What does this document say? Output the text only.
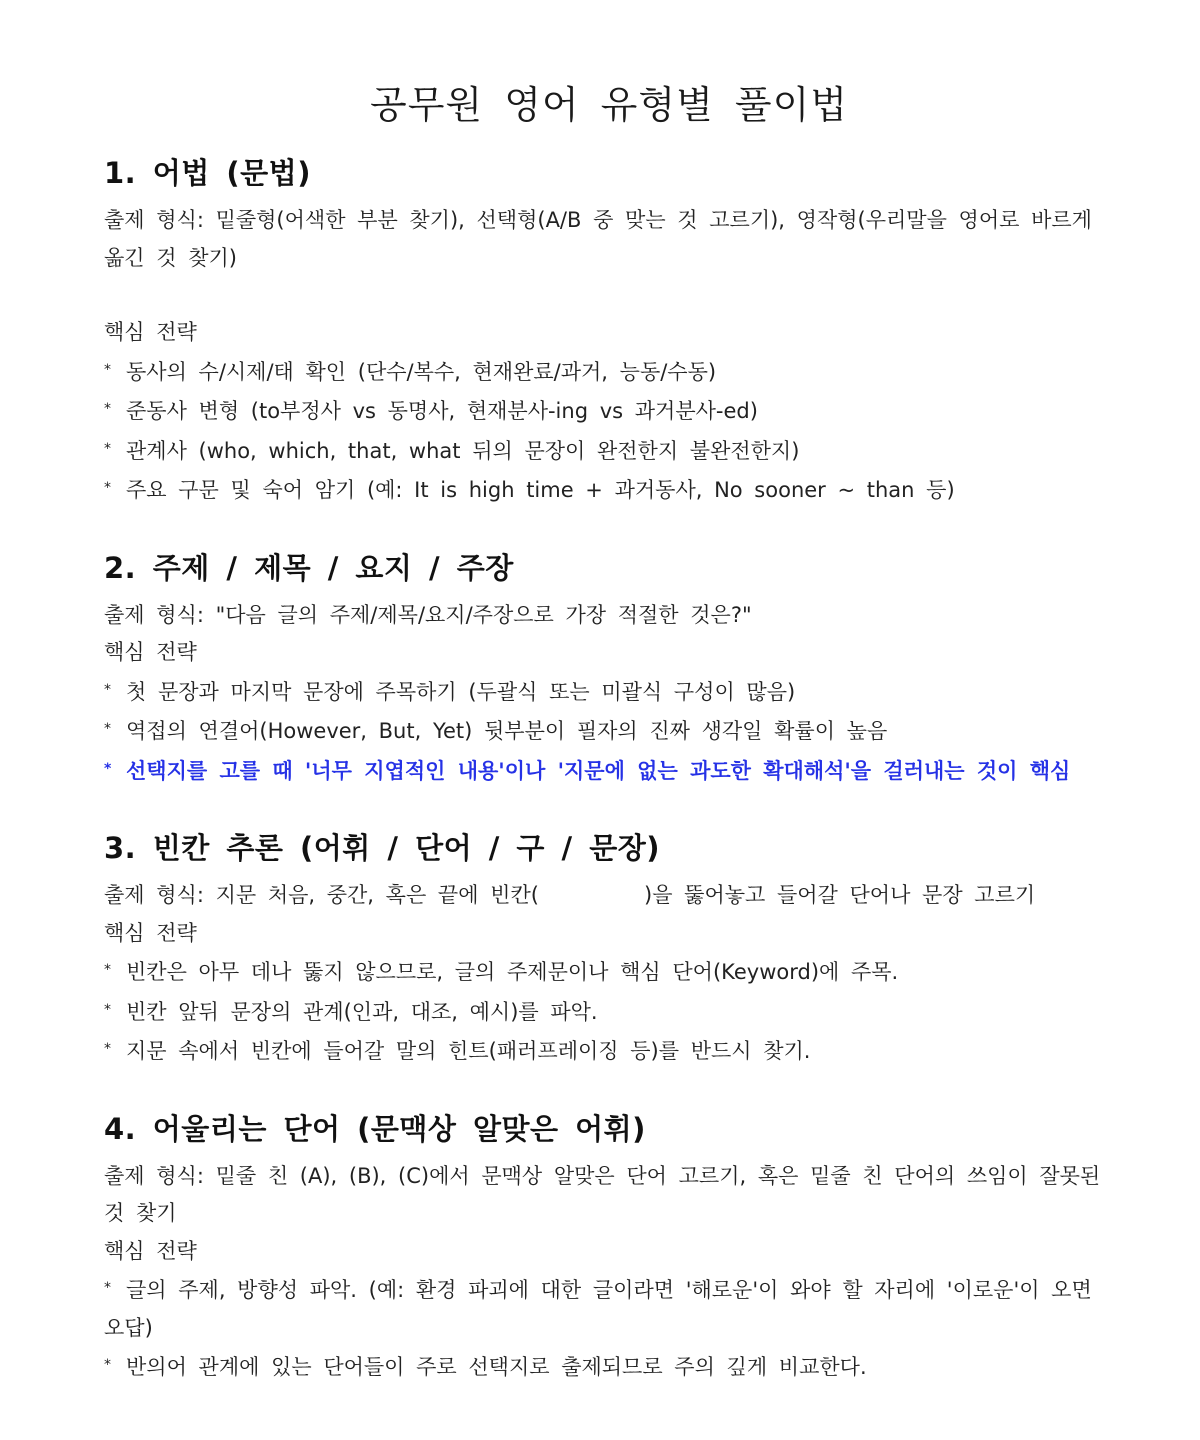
공무원 영어 유형별 풀이법
1. 어법 (문법)

출제 형식: 밑줄형(어색한 부분 찾기), 선택형(A/B 중 맞는 것 고르기), 영작형(우리말을 영어로 바르게 옮긴 것 찾기)

핵심 전략

* 동사의 수/시제/태 확인 (단수/복수, 현재완료/과거, 능동/수동)

* 준동사 변형 (to부정사 vs 동명사, 현재분사-ing vs 과거분사-ed)

* 관계사 (who, which, that, what 뒤의 문장이 완전한지 불완전한지)

* 주요 구문 및 숙어 암기 (예: It is high time + 과거동사, No sooner ~ than 등)

2. 주제 / 제목 / 요지 / 주장

출제 형식: "다음 글의 주제/제목/요지/주장으로 가장 적절한 것은?"

핵심 전략

* 첫 문장과 마지막 문장에 주목하기 (두괄식 또는 미괄식 구성이 많음)

* 역접의 연결어(However, But, Yet) 뒷부분이 필자의 진짜 생각일 확률이 높음

* 선택지를 고를 때 '너무 지엽적인 내용'이나 '지문에 없는 과도한 확대해석'을 걸러내는 것이 핵심

3. 빈칸 추론 (어휘 / 단어 / 구 / 문장)

출제 형식: 지문 처음, 중간, 혹은 끝에 빈칸(         )을 뚫어놓고 들어갈 단어나 문장 고르기

핵심 전략

* 빈칸은 아무 데나 뚫지 않으므로, 글의 주제문이나 핵심 단어(Keyword)에 주목.

* 빈칸 앞뒤 문장의 관계(인과, 대조, 예시)를 파악.

* 지문 속에서 빈칸에 들어갈 말의 힌트(패러프레이징 등)를 반드시 찾기.

4. 어울리는 단어 (문맥상 알맞은 어휘)

출제 형식: 밑줄 친 (A), (B), (C)에서 문맥상 알맞은 단어 고르기, 혹은 밑줄 친 단어의 쓰임이 잘못된 것 찾기

핵심 전략

* 글의 주제, 방향성 파악. (예: 환경 파괴에 대한 글이라면 '해로운'이 와야 할 자리에 '이로운'이 오면 오답)

* 반의어 관계에 있는 단어들이 주로 선택지로 출제되므로 주의 깊게 비교한다.
